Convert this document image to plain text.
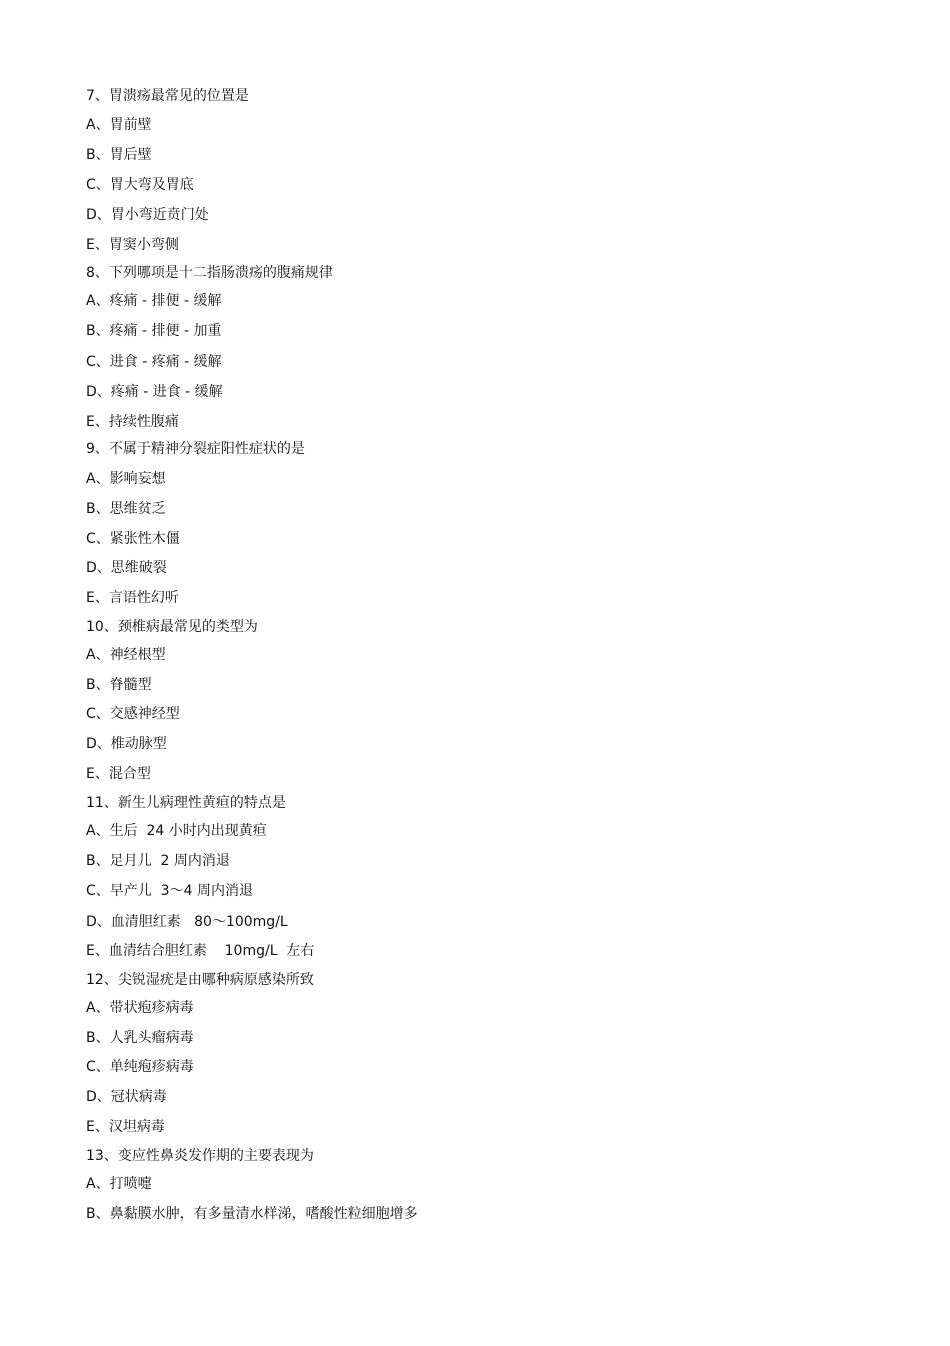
7、胃溃疡最常见的位置是
A、胃前壁
B、胃后壁
C、胃大弯及胃底
D、胃小弯近贲门处
E、胃窦小弯侧
8、下列哪项是十二指肠溃疡的腹痛规律
A、疼痛 - 排便 - 缓解
B、疼痛 - 排便 - 加重
C、进食 - 疼痛 - 缓解
D、疼痛 - 进食 - 缓解
E、持续性腹痛
9、不属于精神分裂症阳性症状的是
A、影响妄想
B、思维贫乏
C、紧张性木僵
D、思维破裂
E、言语性幻听
10、颈椎病最常见的类型为
A、神经根型
B、脊髓型
C、交感神经型
D、椎动脉型
E、混合型
11、新生儿病理性黄疸的特点是
A、生后  24 小时内出现黄疸
B、足月儿  2 周内消退
C、早产儿  3～4 周内消退
D、血清胆红素   80～100mg/L
E、血清结合胆红素    10mg/L  左右
12、尖锐湿疣是由哪种病原感染所致
A、带状疱疹病毒
B、人乳头瘤病毒
C、单纯疱疹病毒
D、冠状病毒
E、汉坦病毒
13、变应性鼻炎发作期的主要表现为
A、打喷嚏
B、鼻黏膜水肿，有多量清水样涕，嗜酸性粒细胞增多
